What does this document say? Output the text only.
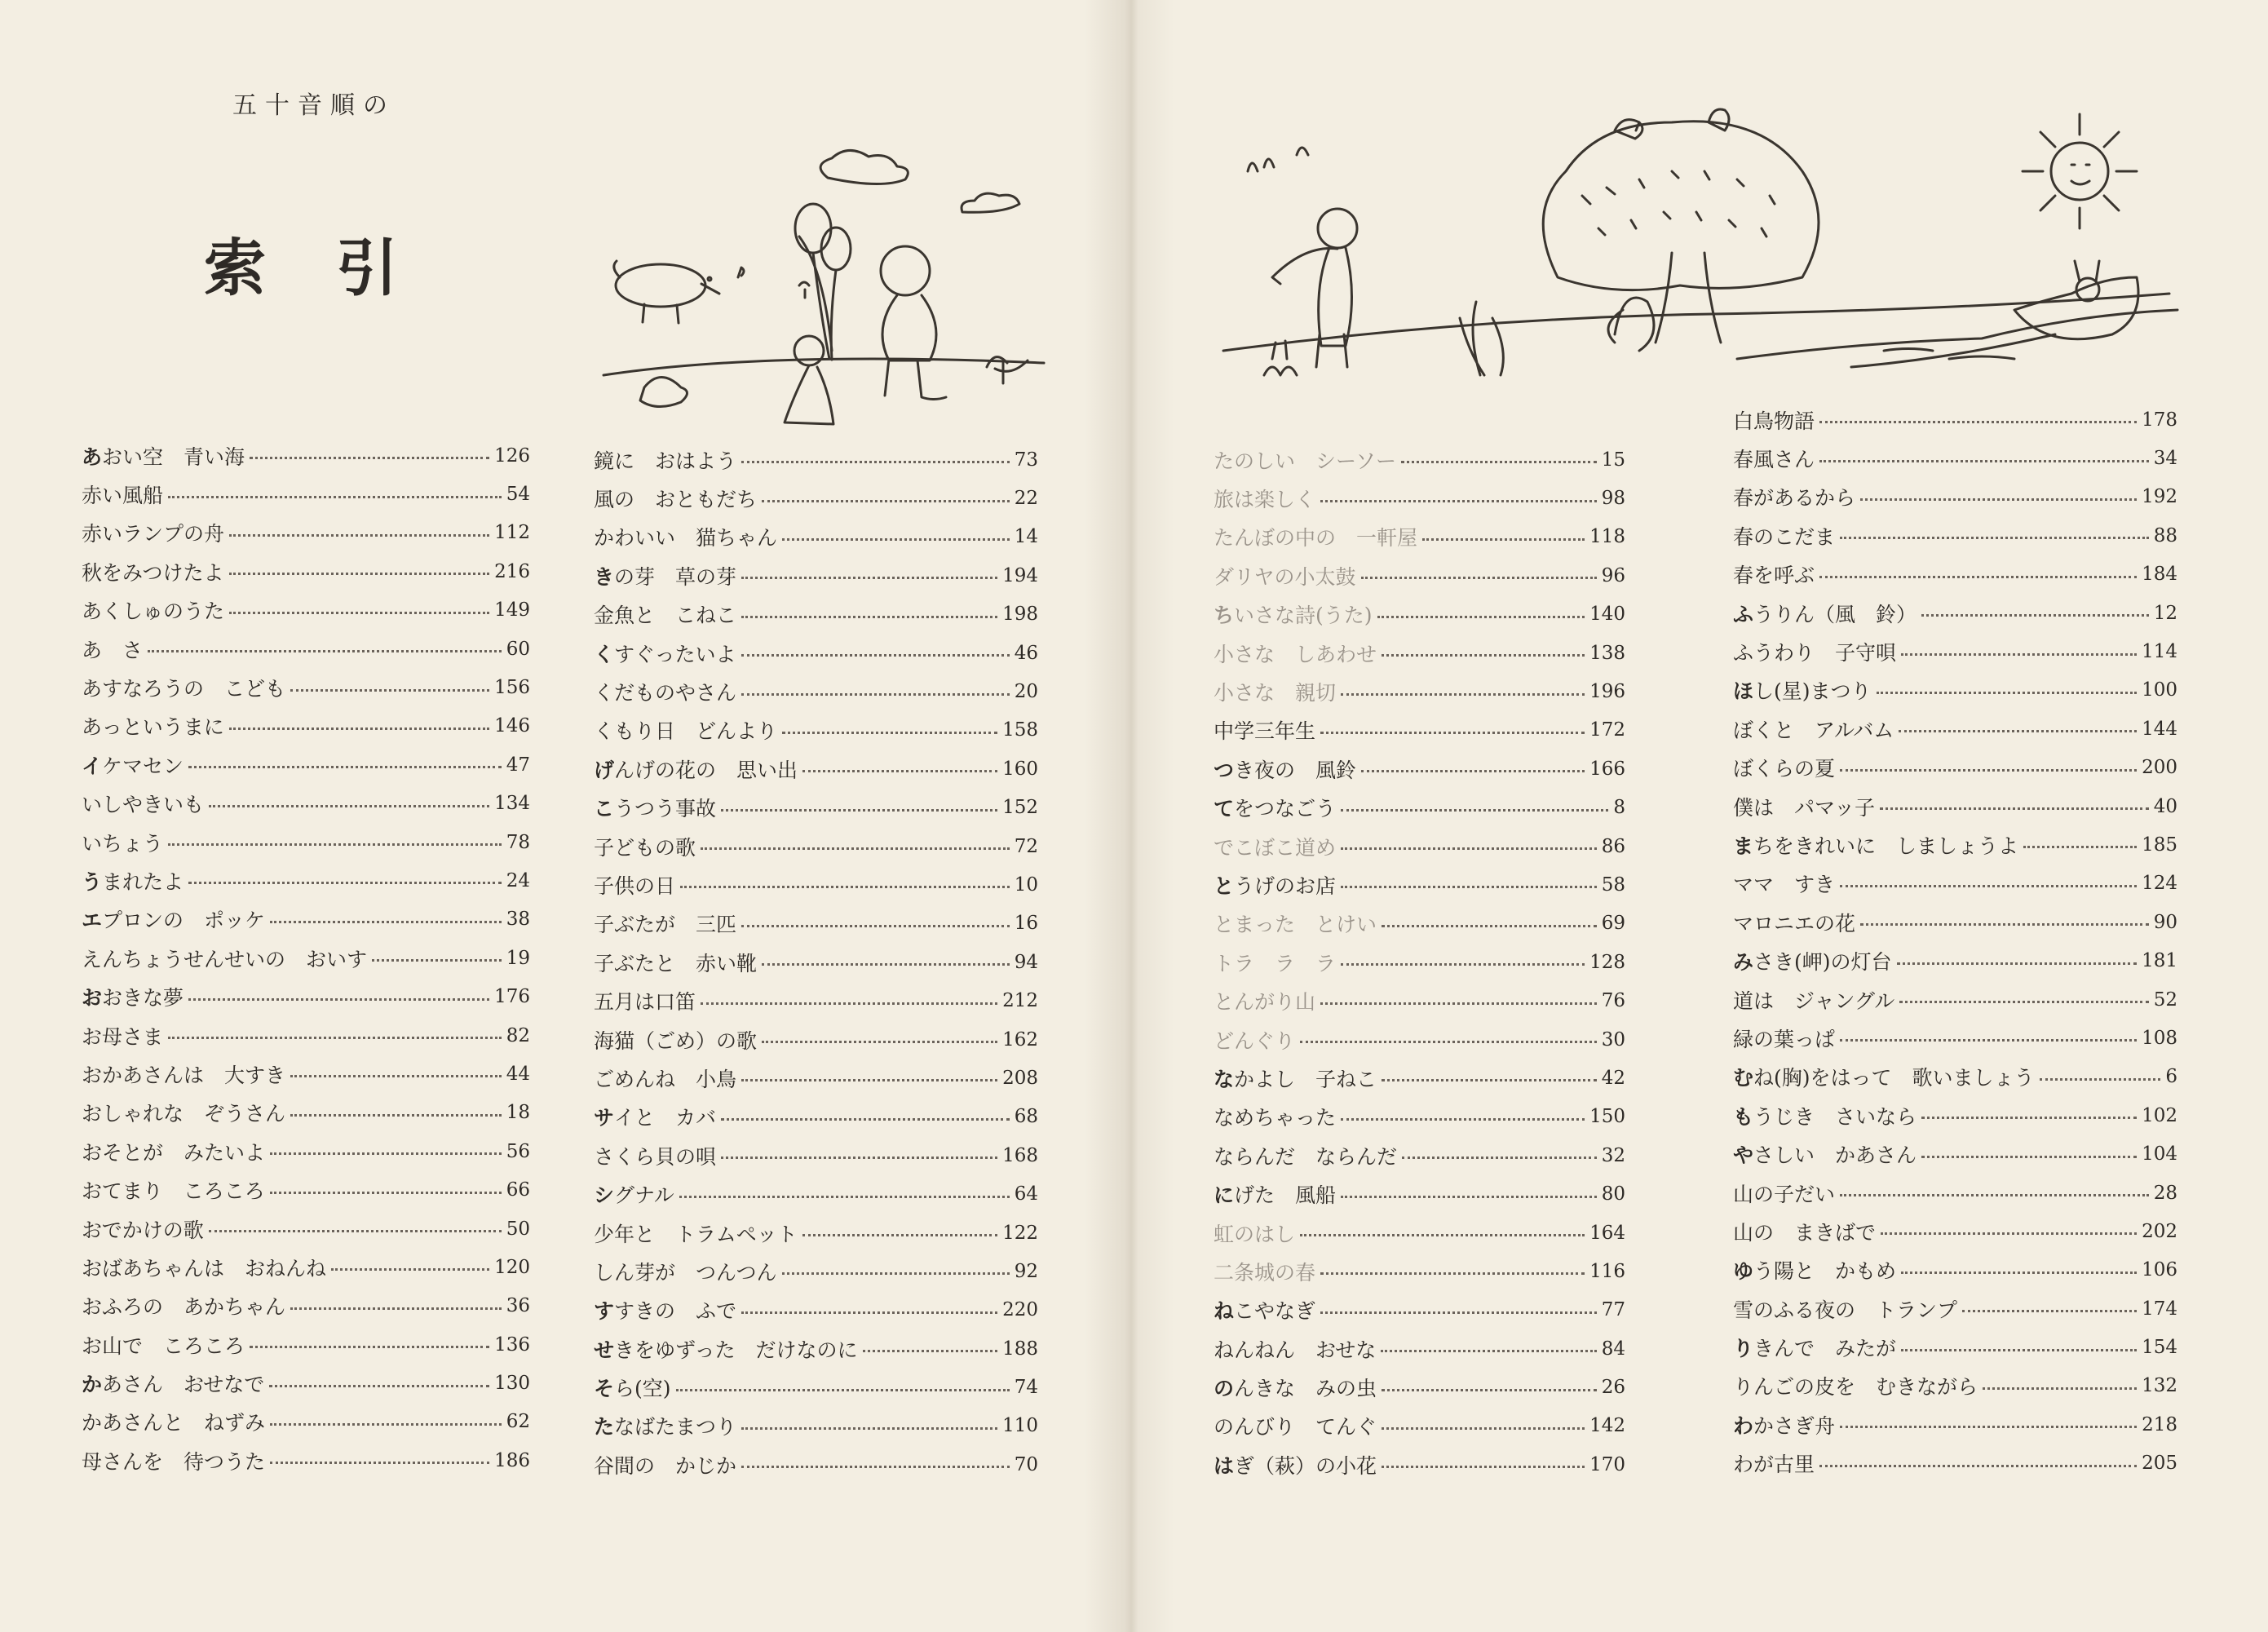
五十音順の
索引
あおい空　青い海	126
赤い風船	54
赤いランプの舟	112
秋をみつけたよ	216
あくしゅのうた	149
あ　さ	60
あすなろうの　こども	156
あっというまに	146
イケマセン	47
いしやきいも	134
いちょう	78
うまれたよ	24
エプロンの　ポッケ	38
えんちょうせんせいの　おいす	19
おおきな夢	176
お母さま	82
おかあさんは　大すき	44
おしゃれな　ぞうさん	18
おそとが　みたいよ	56
おてまり　ころころ	66
おでかけの歌	50
おばあちゃんは　おねんね	120
おふろの　あかちゃん	36
お山で　ころころ	136
かあさん　おせなで	130
かあさんと　ねずみ	62
母さんを　待つうた	186
鏡に　おはよう	73
風の　おともだち	22
かわいい　猫ちゃん	14
きの芽　草の芽	194
金魚と　こねこ	198
くすぐったいよ	46
くだものやさん	20
くもり日　どんより	158
げんげの花の　思い出	160
こうつう事故	152
子どもの歌	72
子供の日	10
子ぶたが　三匹	16
子ぶたと　赤い靴	94
五月は口笛	212
海猫（ごめ）の歌	162
ごめんね　小鳥	208
サイと　カバ	68
さくら貝の唄	168
シグナル	64
少年と　トラムペット	122
しん芽が　つんつん	92
すすきの　ふで	220
せきをゆずった　だけなのに	188
そら(空)	74
たなばたまつり	110
谷間の　かじか	70
たのしい　シーソー	15
旅は楽しく	98
たんぼの中の　一軒屋	118
ダリヤの小太鼓	96
ちいさな詩(うた)	140
小さな　しあわせ	138
小さな　親切	196
中学三年生	172
つき夜の　風鈴	166
てをつなごう	8
でこぼこ道め	86
とうげのお店	58
とまった　とけい	69
トラ　ラ　ラ	128
とんがり山	76
どんぐり	30
なかよし　子ねこ	42
なめちゃった	150
ならんだ　ならんだ	32
にげた　風船	80
虹のはし	164
二条城の春	116
ねこやなぎ	77
ねんねん　おせな	84
のんきな　みの虫	26
のんびり　てんぐ	142
はぎ（萩）の小花	170
白鳥物語	178
春風さん	34
春があるから	192
春のこだま	88
春を呼ぶ	184
ふうりん（風　鈴）	12
ふうわり　子守唄	114
ほし(星)まつり	100
ぼくと　アルバム	144
ぼくらの夏	200
僕は　パマッ子	40
まちをきれいに　しましょうよ	185
ママ　すき	124
マロニエの花	90
みさき(岬)の灯台	181
道は　ジャングル	52
緑の葉っぱ	108
むね(胸)をはって　歌いましょう	6
もうじき　さいなら	102
やさしい　かあさん	104
山の子だい	28
山の　まきばで	202
ゆう陽と　かもめ	106
雪のふる夜の　トランプ	174
りきんで　みたが	154
りんごの皮を　むきながら	132
わかさぎ舟	218
わが古里	205
